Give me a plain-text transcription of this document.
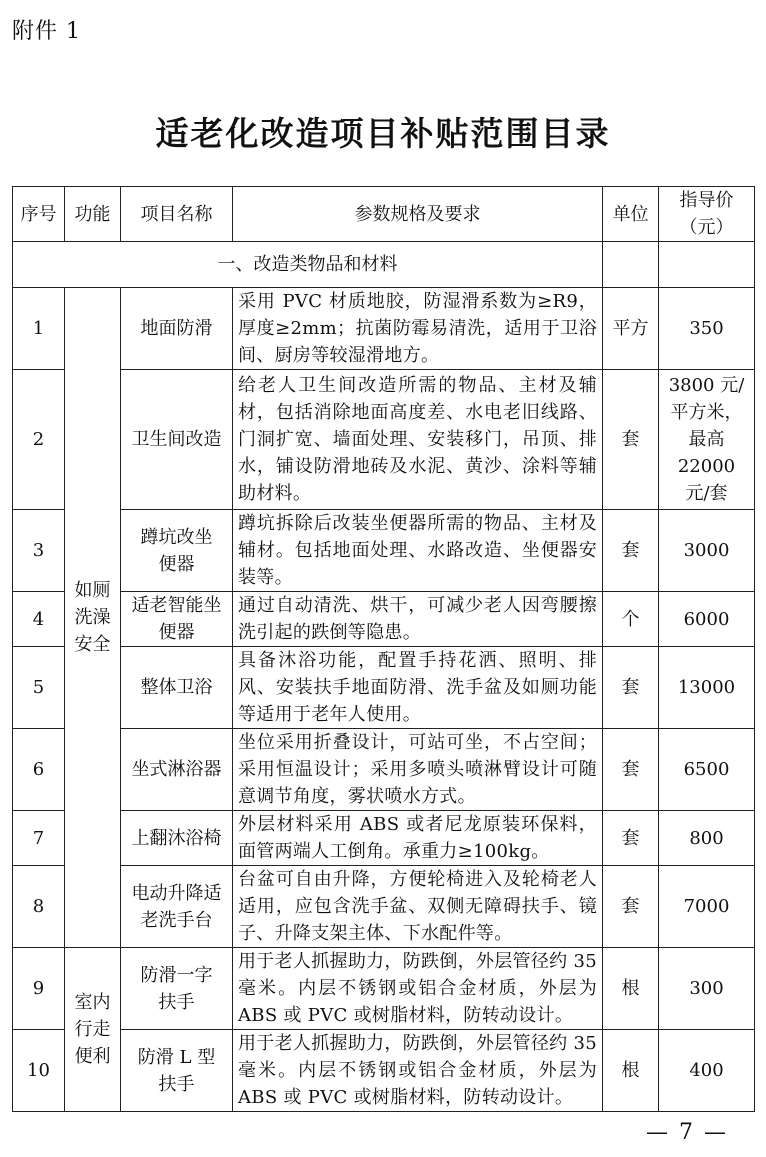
附件 1
适老化改造项目补贴范围目录
序号	功能	项目名称	参数规格及要求	单位	指导价（元）
一、改造类物品和材料					
1	如厕洗澡安全	地面防滑	采用 PVC 材质地胶，防湿滑系数为≥R9，厚度≥2mm；抗菌防霉易清洗，适用于卫浴间、厨房等较湿滑地方。	平方	350
2		卫生间改造	给老人卫生间改造所需的物品、主材及辅材，包括消除地面高度差、水电老旧线路、门洞扩宽、墙面处理、安装移门，吊顶、排水，铺设防滑地砖及水泥、黄沙、涂料等辅助材料。	套	3800 元/平方米，最高 22000 元/套
3		蹲坑改坐便器	蹲坑拆除后改装坐便器所需的物品、主材及辅材。包括地面处理、水路改造、坐便器安装等。	套	3000
4		适老智能坐便器	通过自动清洗、烘干，可减少老人因弯腰擦洗引起的跌倒等隐患。	个	6000
5		整体卫浴	具备沐浴功能，配置手持花洒、照明、排风、安装扶手地面防滑、洗手盆及如厕功能等适用于老年人使用。	套	13000
6		坐式淋浴器	坐位采用折叠设计，可站可坐，不占空间；采用恒温设计；采用多喷头喷淋臂设计可随意调节角度，雾状喷水方式。	套	6500
7		上翻沐浴椅	外层材料采用 ABS 或者尼龙原装环保料，面管两端人工倒角。承重力≥100kg。	套	800
8		电动升降适老洗手台	台盆可自由升降，方便轮椅进入及轮椅老人适用，应包含洗手盆、双侧无障碍扶手、镜子、升降支架主体、下水配件等。	套	7000
9	室内行走便利	防滑一字扶手	用于老人抓握助力，防跌倒，外层管径约 35 毫米。内层不锈钢或铝合金材质，外层为 ABS 或 PVC 或树脂材料，防转动设计。	根	300
10		防滑 L 型扶手	用于老人抓握助力，防跌倒，外层管径约 35 毫米。内层不锈钢或铝合金材质，外层为 ABS 或 PVC 或树脂材料，防转动设计。	根	400
— 7 —
